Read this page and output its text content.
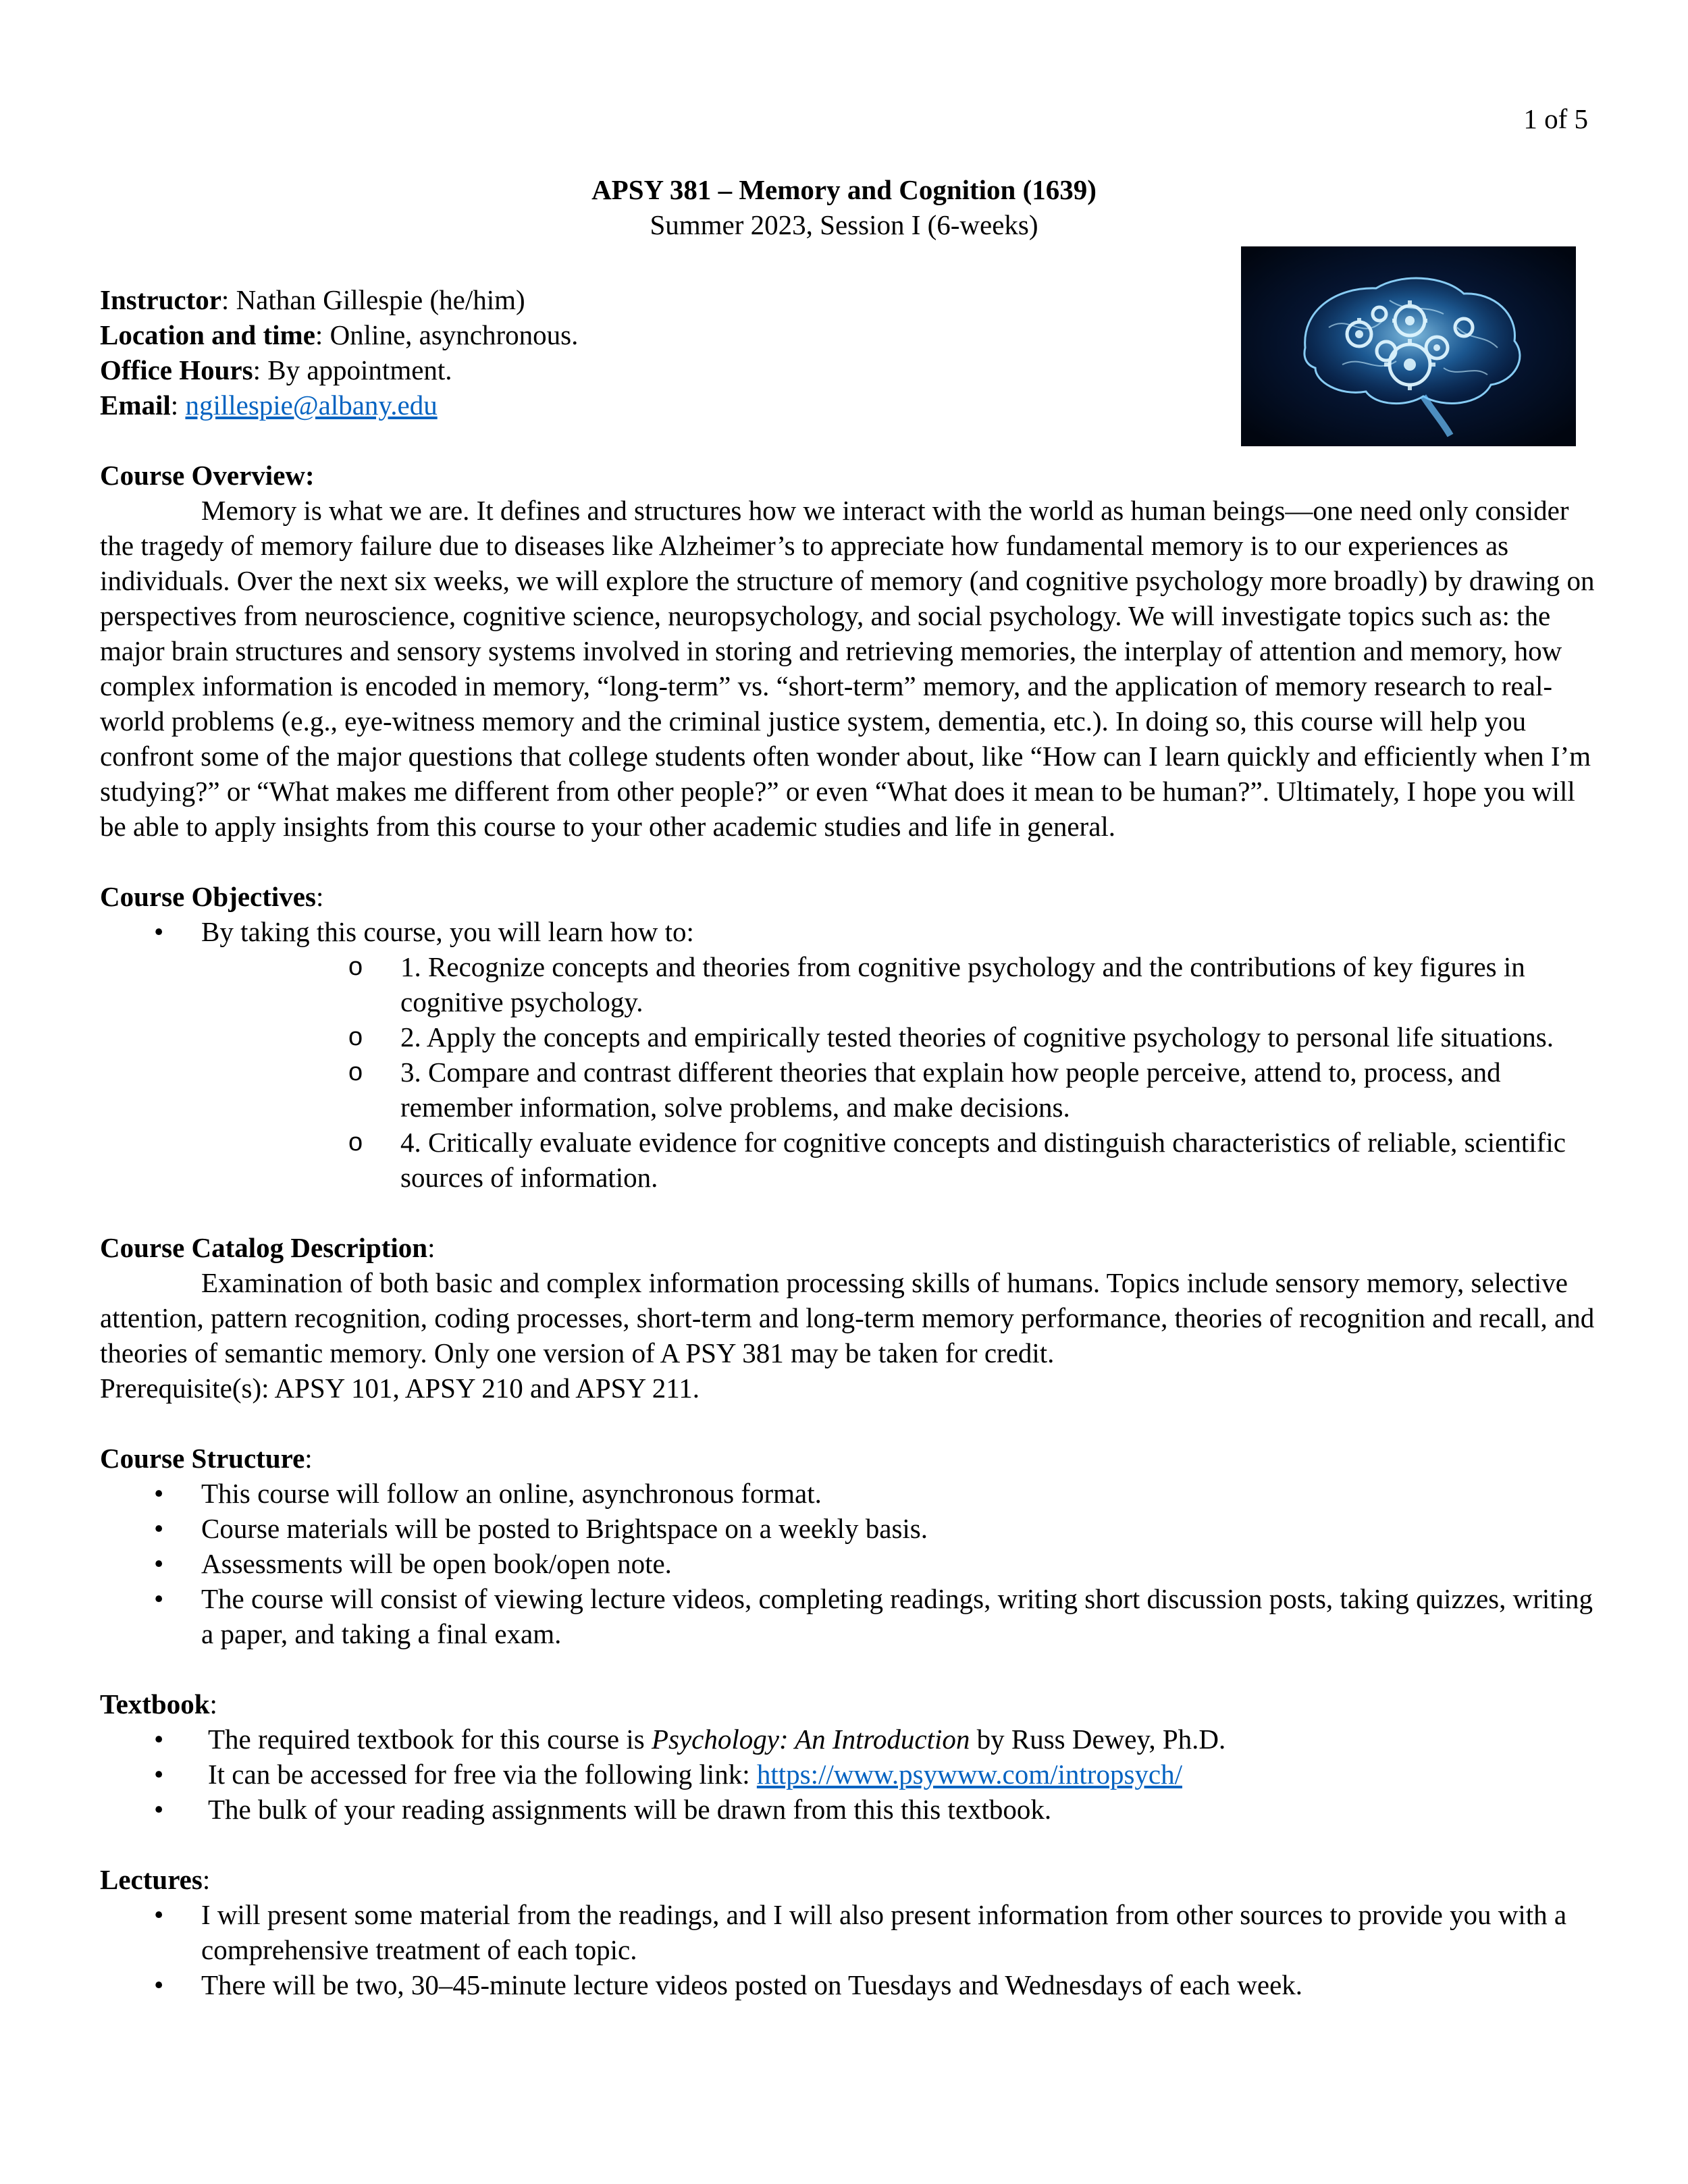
1 of 5
APSY 381 – Memory and Cognition (1639)
Summer 2023, Session I (6-weeks)
Instructor: Nathan Gillespie (he/him)
Location and time: Online, asynchronous.
Office Hours: By appointment.
Email: ngillespie@albany.edu
Course Overview:

Memory is what we are. It defines and structures how we interact with the world as human beings—one need only consider the tragedy of memory failure due to diseases like Alzheimer’s to appreciate how fundamental memory is to our experiences as individuals. Over the next six weeks, we will explore the structure of memory (and cognitive psychology more broadly) by drawing on perspectives from neuroscience, cognitive science, neuropsychology, and social psychology. We will investigate topics such as: the major brain structures and sensory systems involved in storing and retrieving memories, the interplay of attention and memory, how complex information is encoded in memory, “long-term” vs. “short-term” memory, and the application of memory research to real-world problems (e.g., eye-witness memory and the criminal justice system, dementia, etc.). In doing so, this course will help you confront some of the major questions that college students often wonder about, like “How can I learn quickly and efficiently when I’m studying?” or “What makes me different from other people?” or even “What does it mean to be human?”. Ultimately, I hope you will be able to apply insights from this course to your other academic studies and life in general.

Course Objectives:
• By taking this course, you will learn how to:
o 1. Recognize concepts and theories from cognitive psychology and the contributions of key figures in cognitive psychology.
o 2. Apply the concepts and empirically tested theories of cognitive psychology to personal life situations.
o 3. Compare and contrast different theories that explain how people perceive, attend to, process, and remember information, solve problems, and make decisions.
o 4. Critically evaluate evidence for cognitive concepts and distinguish characteristics of reliable, scientific sources of information.
Course Catalog Description:

Examination of both basic and complex information processing skills of humans. Topics include sensory memory, selective attention, pattern recognition, coding processes, short-term and long-term memory performance, theories of recognition and recall, and theories of semantic memory. Only one version of A PSY 381 may be taken for credit.

Prerequisite(s): APSY 101, APSY 210 and APSY 211.

Course Structure:
• This course will follow an online, asynchronous format.
• Course materials will be posted to Brightspace on a weekly basis.
• Assessments will be open book/open note.
• The course will consist of viewing lecture videos, completing readings, writing short discussion posts, taking quizzes, writing a paper, and taking a final exam.
Textbook:
• The required textbook for this course is Psychology: An Introduction by Russ Dewey, Ph.D.
• It can be accessed for free via the following link: https://www.psywww.com/intropsych/
• The bulk of your reading assignments will be drawn from this this textbook.
Lectures:
• I will present some material from the readings, and I will also present information from other sources to provide you with a comprehensive treatment of each topic.
• There will be two, 30–45-minute lecture videos posted on Tuesdays and Wednesdays of each week.
